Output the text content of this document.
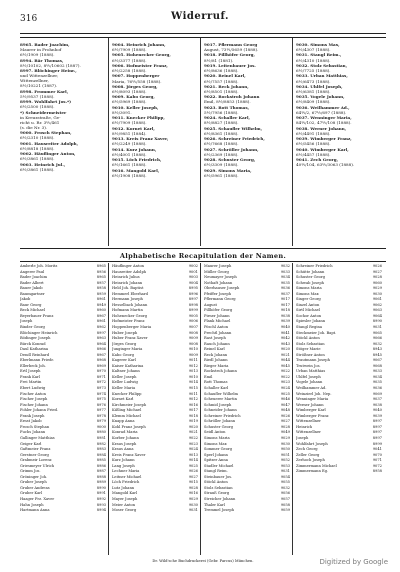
316	Widerruf.
8965. Bader Joachim,
Maurer in Frohnhof
6½/1909 (1888).
8994. Bär Thomas,
8½/10102, 8½/10602 (1887).
8997. Blöchinger Heinr.,
und Wittenzellner,
Wittenzellner,
8½/10221 (1887).
8998. Frommer Karl,
5½/9537 (1888).
8999. Wohlfahrt Jos.*)
6½/2500 (1888).
*) Schneidermeister
in Kreuzstraße, Ge-
richt u. Rr. 3½/461
(s. die Nr. 3).
9000. Frosch Stephan,
6½/2310 (1888).
9001. Hausreiter Adolph,
6½/8818 (1888).
9002. Häuflinger Anton,
6½/3861 (1888).
9003. Heinrich Jul.,
6½/3861 (1888).
9004. Heinrich Johann,
6½/7909 (1888).
9005. Hohenecker Georg,
6½/3377 (1888).
9006. Hofmeister Franz,
6½/2258 (1888).
9007. Hoppenberger
Maria, 76½/558 (1888).
9008. Jörges Georg,
6½/8093 (1888).
9009. Kabo Georg,
6½/5969 (1888).
9010. Keller Joseph,
8½/3091.
9011. Knecker Philipp,
6½/7909 (1888).
9012. Kornet Karl,
8½/9851 (1884).
9013. Kreis Franz Xaver,
6½/2249 (1888).
9014. Kurz Johann,
6½/4001 (1888).
9015. Löch Friedrich,
6½/1661 (1888).
9016. Mangold Karl,
6½/1908 (1888).
9017. Pflermann Georg
August, 73½/5659 (1888).
9018. Pillhöfer Georg,
8½/81 (1881).
9019. Leitenbauer Jos.
6½/8636 (1888).
9020. Reinel Karl,
6½/7557 (1888).
9021. Reck Johann,
6½/8501 (1888).
9022. Rockstroh Johann
Emil, 8½/8853 (1888).
9023. Rott Thomas,
5½/7956 (1888).
9024. Schaller Karl,
8½/8827 (1888).
9025. Schaufler Wilhelm,
6½/8361 (1888).
9026. Schreiner Friedrich,
6½/7668 (1888).
9027. Schröller Johann,
6½/2369 (1888).
9028. Schuster Georg,
6½/3309 (1888).
9029. Simons Maria,
6½/5961 (1888).
9030. Simons Max,
6½/4307 (1888).
9031. Stangl Reim.,
6½/4310 (1888).
9032. Stolz Sebastian,
6½/7725 (1888).
9033. Urban Matthias,
6½/6473 (1888).
9034. Uhlfel Joseph,
6½/6381 (1888).
9035. Vogele Johann,
6½/8409 (1888).
9036. Weilhammer Ad.,
64½/2, 67½/697 (1888).
9037. Wenninger Maria,
84½/102, 47½/108 (1888).
9038. Werner Johann,
6½/4491 (1888).
9039. Wimberger Franz,
6½/5456 (1888).
9040. Wimberger Karl,
6½/4457 (1888).
9041. Zech Georg,
40½/104, 63½/3063 (1888).
Alphabetische Recapitulation der Namen.
Amberle Joh. Moritz	8965
Angerer Paul	8956
Bader Joachim	8965
Bader Albert	8957
Bauer Jakob	8958
Baumgartner	8959
Jakob	8961
Baur Georg	8949
Beck Michael	8960
Beyerbauer Franz	8967
Joseph	8961
Binder Georg	8962
Blöchinger Heinrich	8997
Bödinger Joseph	8963
Bürck Konrad	8964
Daul Katharina	8966
Dendl Reinhard	8967
Eberlmann Friedr.	8968
Ellerbeck Joh.	8969
Ertl Joseph	8970
Frank Karl	8971
Frei Martin	8972
Ebert Ludwig	8973
Fischer Anton	8974
Fischer Joseph	8975
Fischer Johann	8976
Fohler Johann Fried.	8977
Frank Joseph	8978
Ernst Jakob	8979
Frosch Stephan	9000
Fuchs Johann	8980
Gallinger Matthias	8981
Geiger Karl	8982
Gaftmeier Franz	8983
Gerstner Georg	8984
Grabmeir Lorenz	8985
Griesmeyer Ulrich	8986
Grimm Jos.	8987
Gröninger Joh.	8988
Gruber Joseph	8989
Gruber Andreas	8990
Gruber Karl	8991
Haager Frz. Xaver	8992
Hahn Joseph	8993
Hartmann Anna	8994
Häuflinger Anton	9002
Hausreiter Adolph	9001
Heinrich Julius	9003
Heinrich Johann	9004
Held Joh. Baptist	8995
Hemmerl Eberhard	8996
Hermann Joseph	8997
Hesselbach Johann	8998
Hofmann Martin	8999
Hohenecker Georg	9005
Hofmeister Franz	9006
Hoppenberger Maria	9007
Huber Joseph	9008
Huber Franz Xaver	9009
Jörges Georg	9008
Junginger Maria	9010
Kabo Georg	9009
Kagerer Karl	9011
Kaiser Katharina	9012
Kaltner Johann	9013
Keller Joseph	9010
Keller Ludwig	9014
Keller Maria	9015
Knecker Philipp	9011
Kornet Karl	9012
Kirchmeier Joseph	9016
Kißling Michael	9017
Klemm Michael	9018
Knapp Anna	9019
Kohl Franz Joseph	9020
Konrad Maria	9021
Korber Johann	9022
Kraus Joseph	9023
Kraus Anna	9024
Kreis Franz Xaver	9013
Kurz Johann	9014
Lang Joseph	9025
Lechner Maria	9026
Leitner Michael	9027
Löch Friedrich	9015
Lutz Johann	9028
Mangold Karl	9016
Mayer Joseph	9029
Meier Anton	9030
Moser Georg	9031
Maurer Joseph	9032
Müller Georg	9033
Neumayer Joseph	9034
Nothaft Johann	9035
Oberhauser Joseph	9036
Pfeiffer Joseph	9037
Pflermann Georg	9017
August	9017
Pillhöfer Georg	9018
Pirner Johann	9038
Plank Michael	9039
Pöschl Anton	9040
Prechtl Johann	9041
Rast Joseph	9042
Rauch Johann	9043
Reinel Karl	9020
Reck Johann	9021
Riedl Johann	9044
Rieger Maria	9045
Rockstroh Johann	9022
Emil	9022
Rott Thomas	9023
Schaller Karl	9024
Schaufler Wilhelm	9025
Scheuerer Martin	9046
Schmid Joseph	9047
Schneider Johann	9048
Schreiner Friedrich	9026
Schröller Johann	9027
Schuster Georg	9028
Seidl Anton	9049
Simons Maria	9029
Simons Max	9030
Sommer Georg	9050
Sperl Johann	9051
Spitzer Anna	9052
Stadler Michael	9053
Stangl Reim.	9031
Steinbauer Jos.	9054
Stöckl Anton	9055
Stolz Sebastian	9032
Strauß Georg	9056
Streicher Johann	9057
Thaler Karl	9058
Tremmel Joseph	9059
Schreiner Friedrich	9026
Schütte Johann	9027
Schuster Georg	9028
Schwab Joseph	9060
Simons Maria	9029
Simons Max	9030
Singer Georg	9061
Sinzel Anton	9062
Sirtl Michael	9063
Sochor Anton	9064
Spiesler Johann	8990
Stangl Regina	9031
Steckmeier Joh. Bapt.	9065
Stöckl Anton	9066
Stolz Sebastian	9032
Stöger Marie	8943
Strößner Anton	8945
Trautmann Joseph	9067
Trutwein Jos.	9068
Urban Matthias	9033
Uhlfel Joseph	9034
Vogele Johann	9035
Weilhammer Ad.	9036
Weinzierl Joh. Nep.	9069
Wenninger Maria	9037
Werner Johann	9038
Wimberger Karl	9040
Wimberger Franz	9039
Wittenzellner	8997
Heinrich	8997
Wittenzellner	8997
Joseph	8997
Wohlfahrt Joseph	8999
Zech Georg	9041
Zeller Georg	9070
Zerhoch Joseph	9071
Zimmermann Michael	9072
Zimmermann Eg.	8958
Dr. Wild'sche Buchdruckerei (Gebr. Parcus) München.	Digitized by Google
